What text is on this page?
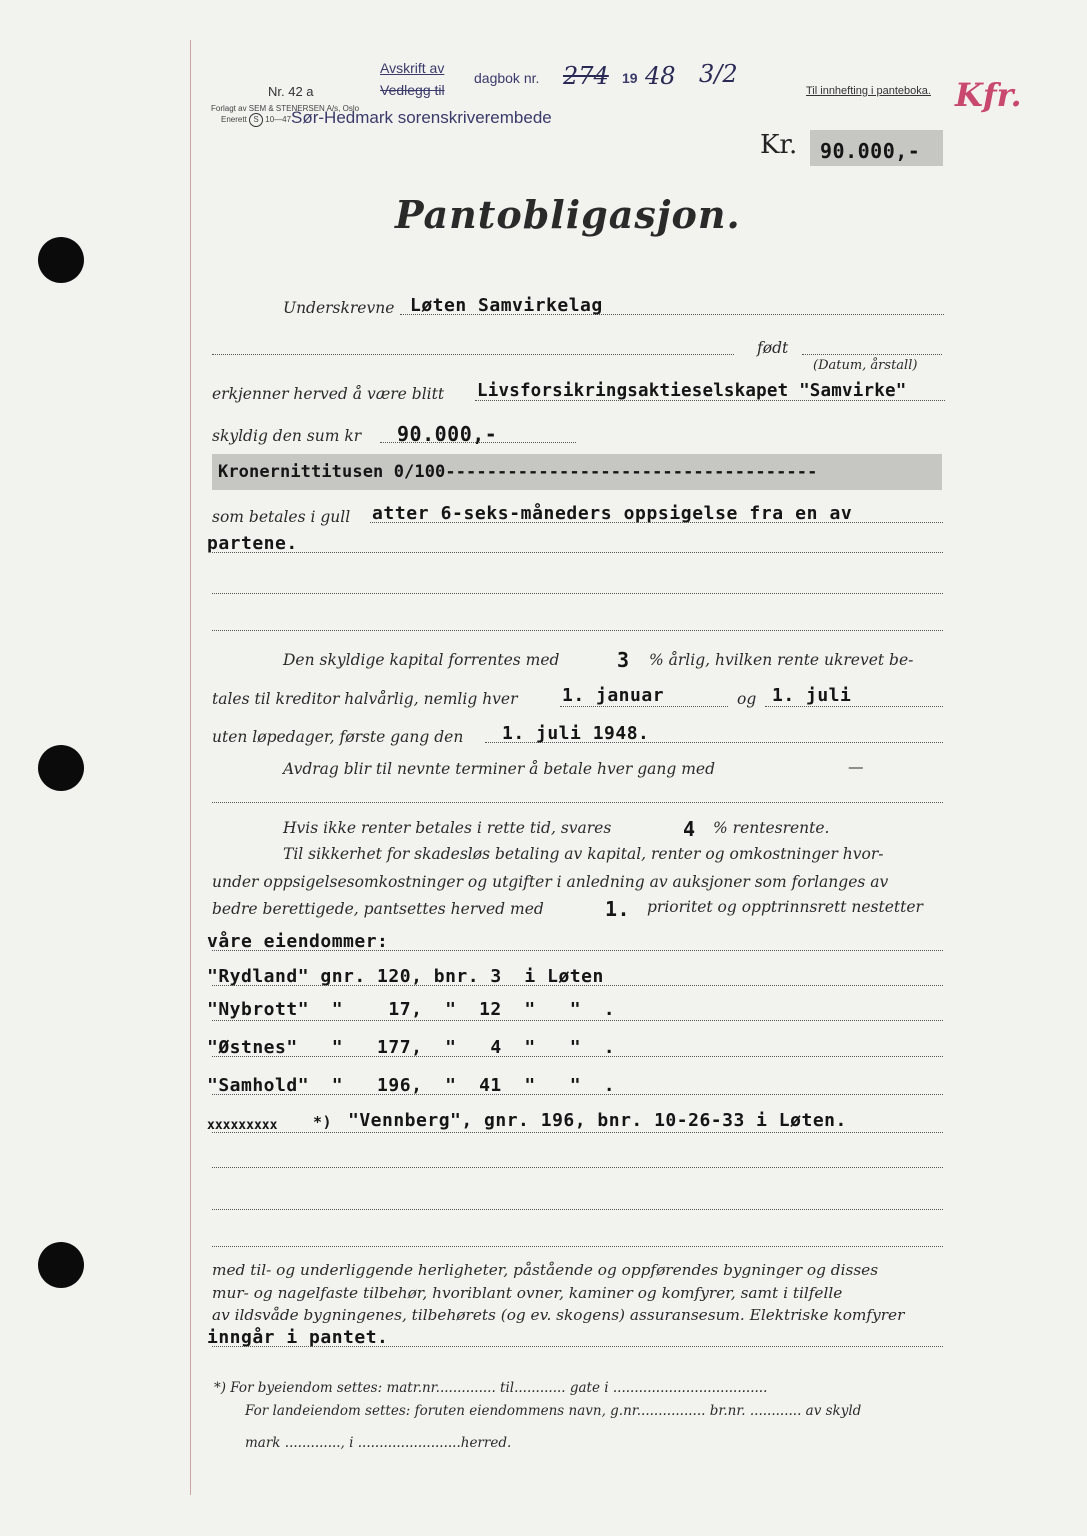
Nr. 42 a
Forlagt av SEM & STENERSEN A/s, Oslo
Enerett S 10—47
Avskrift av
Vedlegg til
dagbok nr. 274 19 48 3/2
Sør-Hedmark sorenskriverembede
Til innhefting i panteboka. Kfr.
Kr. 90.000,-
Pantobligasjon.
Underskrevne Løten Samvirkelag
født
(Datum, årstall)
erkjenner herved å være blitt Livsforsikringsaktieselskapet "Samvirke"
skyldig den sum kr 90.000,-
Kronernittitusen 0/100------------------------------------
som betales i gull atter 6-seks-måneders oppsigelse fra en av
partene.
Den skyldige kapital forrentes med	3 % årlig, hvilken rente ukrevet be-
tales til kreditor halvårlig, nemlig hver 1. januar	og 1. juli
uten løpedager, første gang den 1. juli 1948.
Avdrag blir til nevnte terminer å betale hver gang med	—
Hvis ikke renter betales i rette tid, svares	4 % rentesrente.
Til sikkerhet for skadesløs betaling av kapital, renter og omkostninger hvor-
under oppsigelsesomkostninger og utgifter i anledning av auksjoner som forlanges av
bedre berettigede, pantsettes herved med	1. prioritet og opptrinnsrett nestetter
våre eiendommer:
"Rydland" gnr. 120, bnr. 3  i Løten
"Nybrott"  "    17,  "  12  "   "  .
"Østnes"   "   177,  "   4  "   "  .
"Samhold"  "   196,  "  41  "   "  .
xxxxxxxxx *) "Vennberg", gnr. 196, bnr. 10-26-33 i Løten.
med til- og underliggende herligheter, påstående og oppførendes bygninger og disses
mur- og nagelfaste tilbehør, hvoriblant ovner, kaminer og komfyrer, samt i tilfelle
av ildsvåde bygningenes, tilbehørets (og ev. skogens) assuransesum. Elektriske komfyrer
inngår i pantet.
*) For byeiendom settes: matr.nr.............. til............ gate i ....................................
For landeiendom settes: foruten eiendommens navn, g.nr................ br.nr. ............ av skyld
mark ............., i ........................herred.
